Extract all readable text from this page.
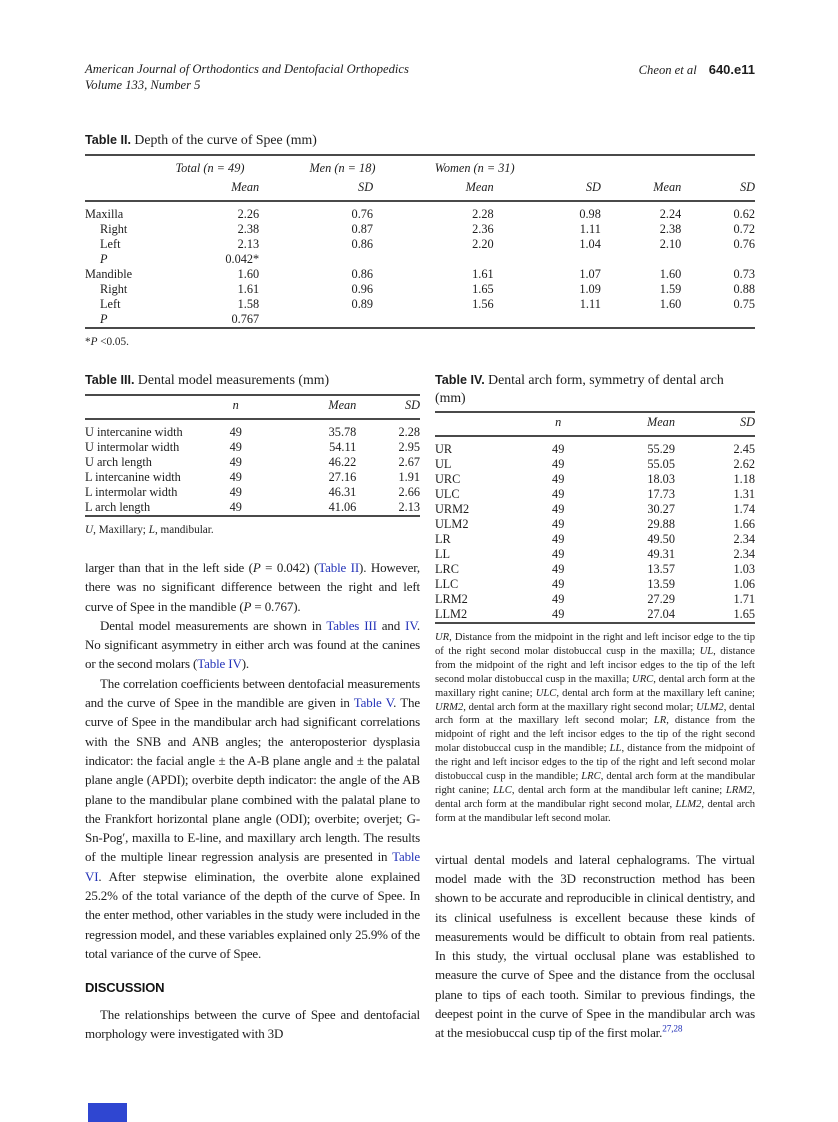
American Journal of Orthodontics and Dentofacial Orthopedics
Volume 133, Number 5
Cheon et al 640.e11
Table II. Depth of the curve of Spee (mm)
Total (n = 49)	Men (n = 18)	Women (n = 31)
	Mean	SD	Mean	SD	Mean	SD
Maxilla	2.26	0.76	2.28	0.98	2.24	0.62
Right	2.38	0.87	2.36	1.11	2.38	0.72
Left	2.13	0.86	2.20	1.04	2.10	0.76
P	0.042*					
Mandible	1.60	0.86	1.61	1.07	1.60	0.73
Right	1.61	0.96	1.65	1.09	1.59	0.88
Left	1.58	0.89	1.56	1.11	1.60	0.75
P	0.767					
*P <0.05.
Table III. Dental model measurements (mm)
	n	Mean	SD
U intercanine width	49	35.78	2.28
U intermolar width	49	54.11	2.95
U arch length	49	46.22	2.67
L intercanine width	49	27.16	1.91
L intermolar width	49	46.31	2.66
L arch length	49	41.06	2.13
U, Maxillary; L, mandibular.

larger than that in the left side (P = 0.042) (Table II). However, there was no significant difference between the right and left curve of Spee in the mandible (P = 0.767).

Dental model measurements are shown in Tables III and IV. No significant asymmetry in either arch was found at the canines or the second molars (Table IV).

The correlation coefficients between dentofacial measurements and the curve of Spee in the mandible are given in Table V. The curve of Spee in the mandibular arch had significant correlations with the SNB and ANB angles; the anteroposterior dysplasia indicator: the facial angle ± the A-B plane angle and ± the palatal plane angle (APDI); overbite depth indicator: the angle of the AB plane to the mandibular plane combined with the palatal plane to the Frankfort horizontal plane angle (ODI); overbite; overjet; G-Sn-Pog′, maxilla to E-line, and maxillary arch length. The results of the multiple linear regression analysis are presented in Table VI. After stepwise elimination, the overbite alone explained 25.2% of the total variance of the depth of the curve of Spee. In the enter method, other variables in the study were included in the regression model, and these variables explained only 25.9% of the total variance of the curve of Spee.

DISCUSSION

The relationships between the curve of Spee and dentofacial morphology were investigated with 3D

Table IV. Dental arch form, symmetry of dental arch (mm)
	n	Mean	SD
UR	49	55.29	2.45
UL	49	55.05	2.62
URC	49	18.03	1.18
ULC	49	17.73	1.31
URM2	49	30.27	1.74
ULM2	49	29.88	1.66
LR	49	49.50	2.34
LL	49	49.31	2.34
LRC	49	13.57	1.03
LLC	49	13.59	1.06
LRM2	49	27.29	1.71
LLM2	49	27.04	1.65
UR, Distance from the midpoint in the right and left incisor edge to the tip of the right second molar distobuccal cusp in the maxilla; UL, distance from the midpoint of the right and left incisor edges to the tip of the left second molar distobuccal cusp in the maxilla; URC, dental arch form at the maxillary right canine; ULC, dental arch form at the maxillary left canine; URM2, dental arch form at the maxillary right second molar; ULM2, dental arch form at the maxillary left second molar; LR, distance from the midpoint of right and the left incisor edges to the tip of the right second molar distobuccal cusp in the mandible; LL, distance from the midpoint of the right and left incisor edges to the tip of the right and left second molar distobuccal cusp in the mandible; LRC, dental arch form at the mandibular right canine; LLC, dental arch form at the mandibular left canine; LRM2, dental arch form at the mandibular right second molar, LLM2, dental arch form at the mandibular left second molar.

virtual dental models and lateral cephalograms. The virtual model made with the 3D reconstruction method has been shown to be accurate and reproducible in clinical dentistry, and its clinical usefulness is excellent because these kinds of measurements would be difficult to obtain from real patients. In this study, the virtual occlusal plane was established to measure the curve of Spee and the distance from the occlusal plane to tips of each tooth. Similar to previous findings, the deepest point in the curve of Spee in the mandibular arch was at the mesiobuccal cusp tip of the first molar.$^{27,28}$
